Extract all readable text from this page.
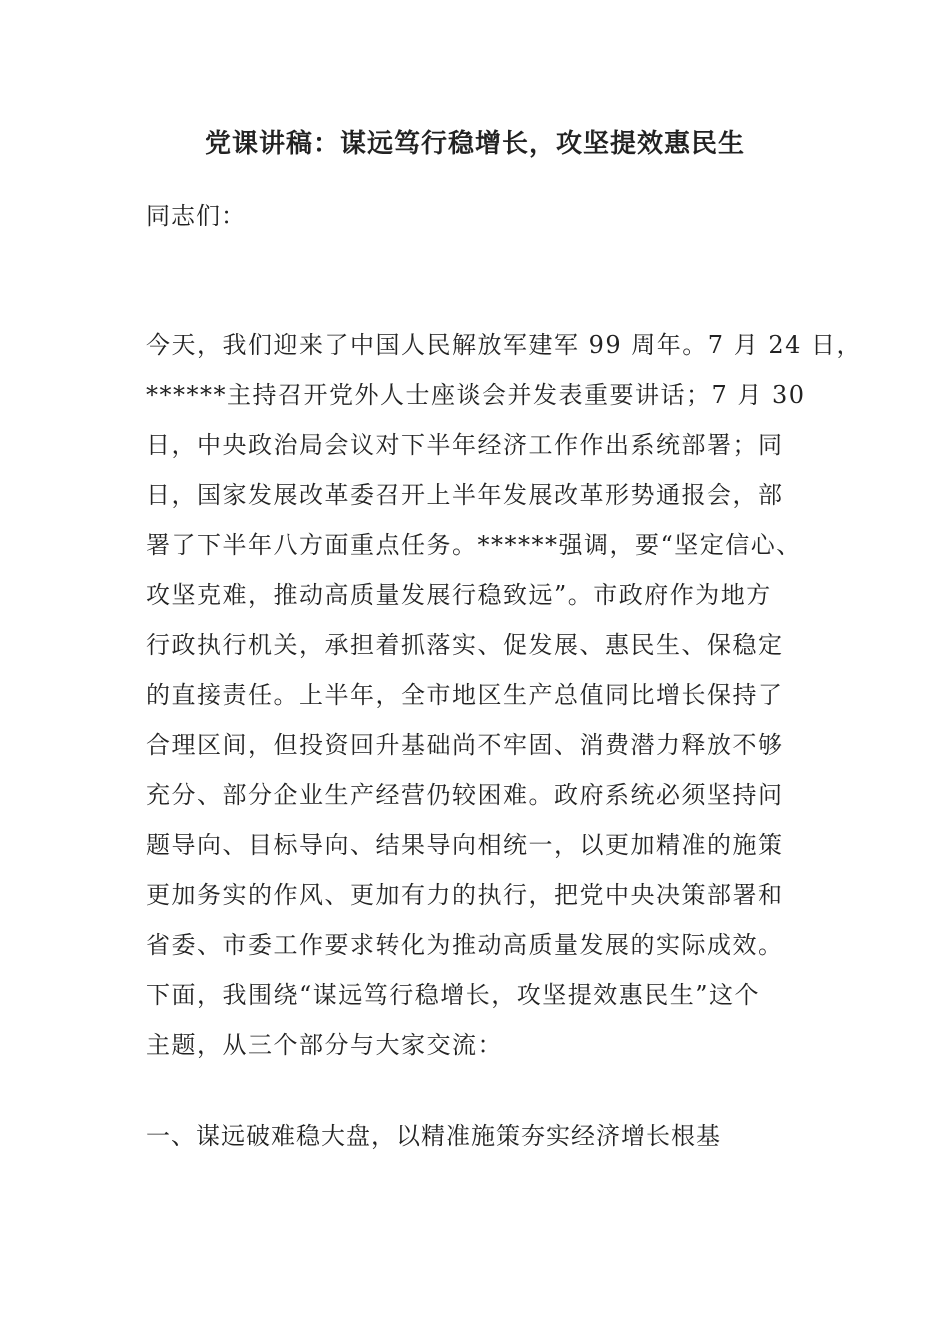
党课讲稿：谋远笃行稳增长，攻坚提效惠民生
同志们：
今天，我们迎来了中国人民解放军建军 99 周年。7 月 24 日，
******主持召开党外人士座谈会并发表重要讲话；7 月 30
日，中央政治局会议对下半年经济工作作出系统部署；同
日，国家发展改革委召开上半年发展改革形势通报会，部
署了下半年八方面重点任务。******强调，要“坚定信心、
攻坚克难，推动高质量发展行稳致远”。市政府作为地方
行政执行机关，承担着抓落实、促发展、惠民生、保稳定
的直接责任。上半年，全市地区生产总值同比增长保持了
合理区间，但投资回升基础尚不牢固、消费潜力释放不够
充分、部分企业生产经营仍较困难。政府系统必须坚持问
题导向、目标导向、结果导向相统一，以更加精准的施策
更加务实的作风、更加有力的执行，把党中央决策部署和
省委、市委工作要求转化为推动高质量发展的实际成效。
下面，我围绕“谋远笃行稳增长，攻坚提效惠民生”这个
主题，从三个部分与大家交流：
一、谋远破难稳大盘，以精准施策夯实经济增长根基
